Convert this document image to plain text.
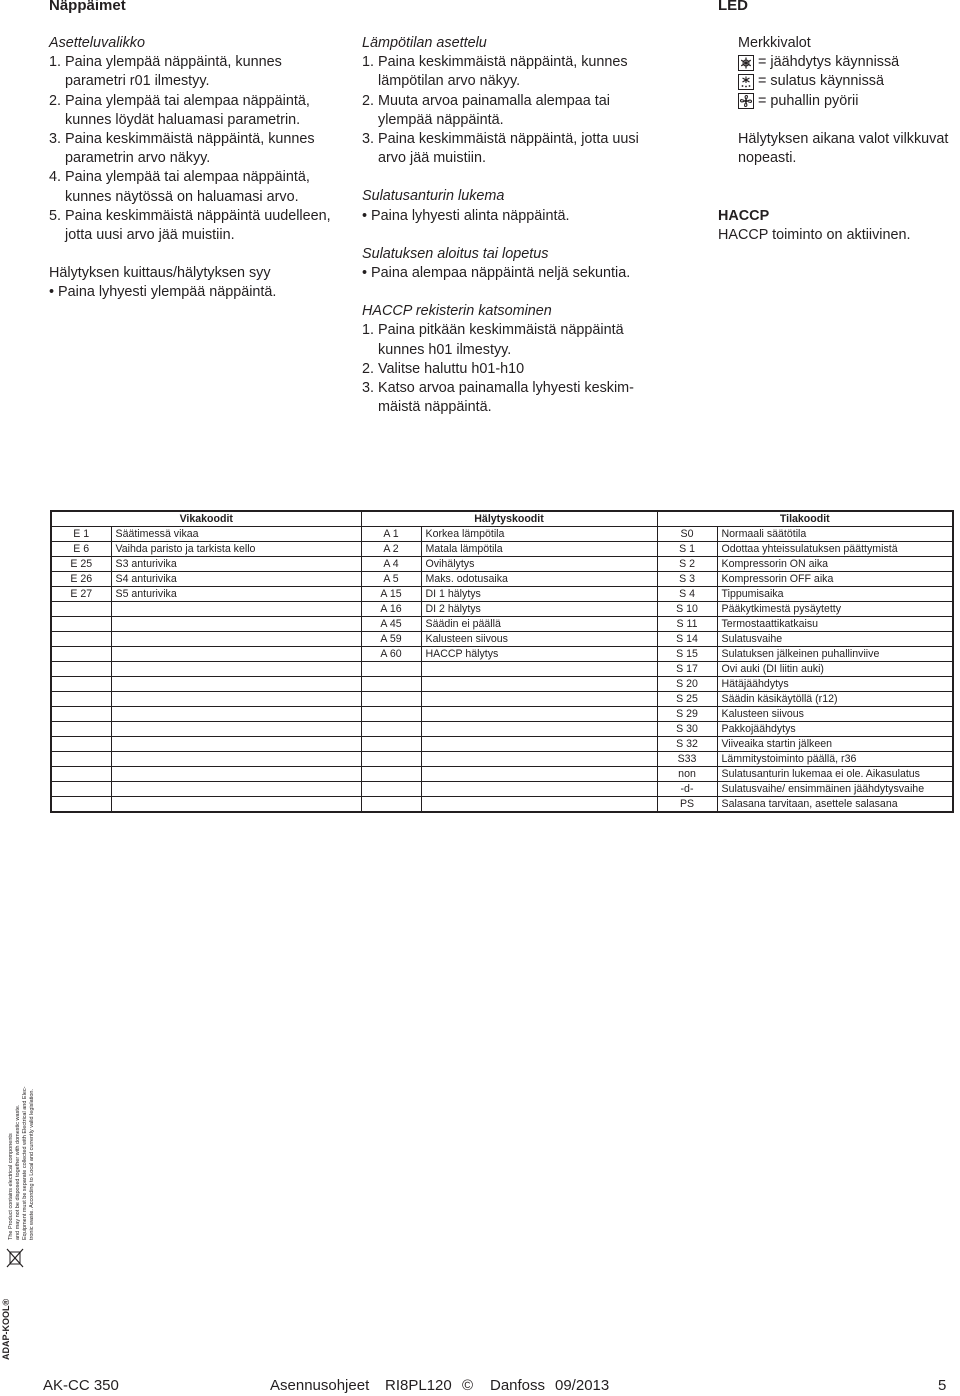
Näppäimet	LED

Asetteluvalikko

1. Paina ylempää näppäintä, kunnes

parametri r01 ilmestyy.

2. Paina ylempää tai alempaa näppäintä,

kunnes löydät haluamasi parametrin.

3. Paina keskimmäistä näppäintä, kunnes

parametrin arvo näkyy.

4. Paina ylempää tai alempaa näppäintä,

kunnes näytössä on haluamasi arvo.

5. Paina keskimmäistä näppäintä uudelleen,

jotta uusi arvo jää muistiin.

Hälytyksen kuittaus/hälytyksen syy

• Paina lyhyesti ylempää näppäintä.

Lämpötilan asettelu

1. Paina keskimmäistä näppäintä, kunnes

lämpötilan arvo näkyy.

2. Muuta arvoa painamalla alempaa tai

ylempää näppäintä.

3. Paina keskimmäistä näppäintä, jotta uusi

arvo jää muistiin.

Sulatusanturin lukema

• Paina lyhyesti alinta näppäintä.

Sulatuksen aloitus tai lopetus

• Paina alempaa näppäintä neljä sekuntia.

HACCP rekisterin katsominen

1. Paina pitkään keskimmäistä näppäintä

kunnes h01 ilmestyy.

2. Valitse haluttu h01-h10

3. Katso arvoa painamalla lyhyesti keskim-

mäistä näppäintä.

Merkkivalot

= jäähdytys käynnissä
= sulatus käynnissä
= puhallin pyörii

Hälytyksen aikana valot vilkkuvat

nopeasti.

HACCP
HACCP toiminto on aktiivinen.
Vikakoodit		Hälytyskoodit		Tilakoodit	
E 1	Säätimessä vikaa	A 1	Korkea lämpötila	S0	Normaali säätötila
E 6	Vaihda paristo ja tarkista kello	A 2	Matala lämpötila	S 1	Odottaa yhteissulatuksen päättymistä
E 25	S3 anturivika	A 4	Ovihälytys	S 2	Kompressorin ON aika
E 26	S4 anturivika	A 5	Maks. odotusaika	S 3	Kompressorin OFF aika
E 27	S5 anturivika	A 15	DI 1 hälytys	S 4	Tippumisaika
		A 16	DI 2 hälytys	S 10	Pääkytkimestä pysäytetty
		A 45	Säädin ei päällä	S 11	Termostaattikatkaisu
		A 59	Kalusteen siivous	S 14	Sulatusvaihe
		A 60	HACCP hälytys	S 15	Sulatuksen jälkeinen puhallinviive
				S 17	Ovi auki (DI liitin auki)
				S 20	Hätäjäähdytys
				S 25	Säädin käsikäytöllä (r12)
				S 29	Kalusteen siivous
				S 30	Pakkojäähdytys
				S 32	Viiveaika startin jälkeen
				S33	Lämmitystoiminto päällä, r36
				non	Sulatusanturin lukemaa ei ole. Aikasulatus
				-d-	Sulatusvaihe/ ensimmäinen jäähdytysvaihe
				PS	Salasana tarvitaan, asettele salasana
ADAP-KOOL®
The Product contains electrical components and may not be disposed together with domestic waste. Equipment must be separate collected with Electrical and Elec- tronic waste. According to Local and currently valid legislation.
AK-CC 350	Asennusohjeet RI8PL120 © Danfoss 09/2013	5
